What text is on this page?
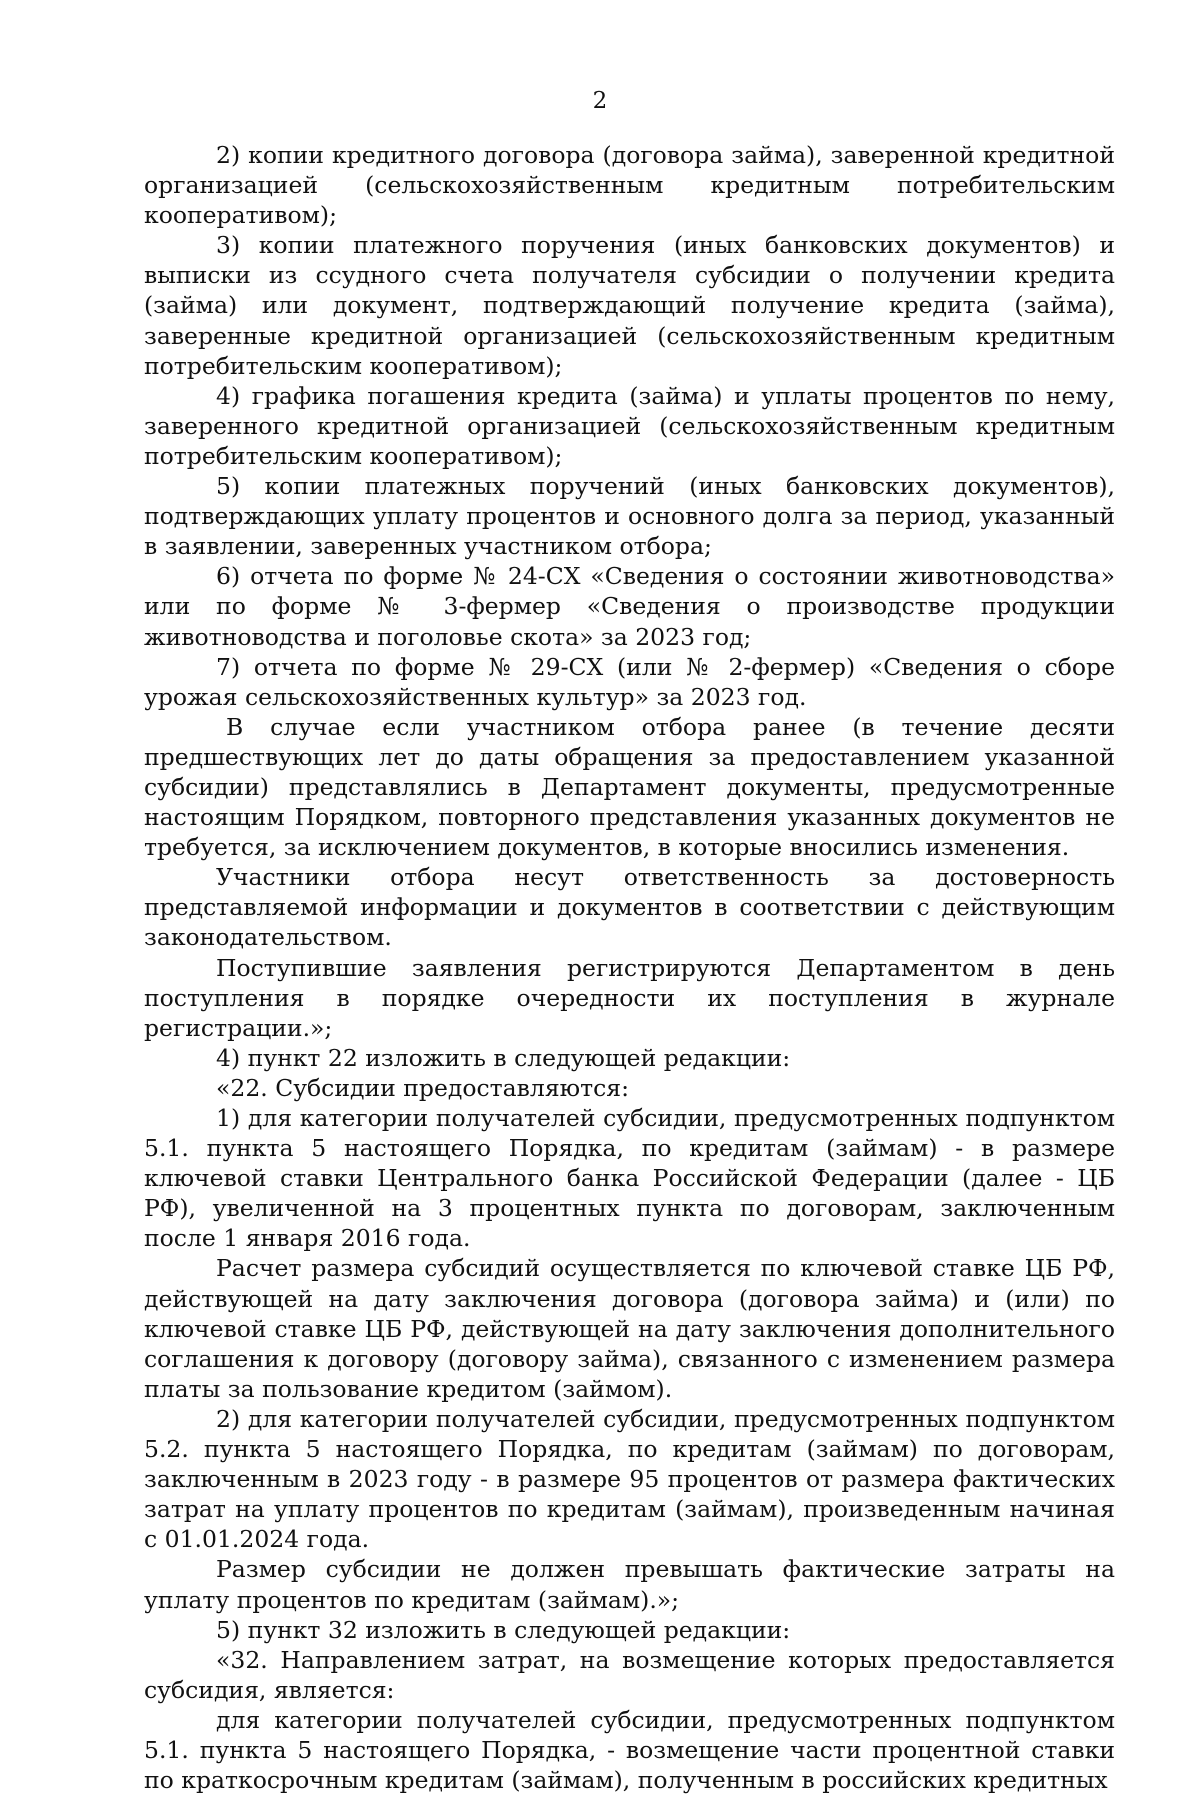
2

2) копии кредитного договора (договора займа), заверенной кредитной организацией (сельскохозяйственным кредитным потребительским кооперативом);

3) копии платежного поручения (иных банковских документов) и выписки из ссудного счета получателя субсидии о получении кредита (займа) или документ, подтверждающий получение кредита (займа), заверенные кредитной организацией (сельскохозяйственным кредитным потребительским кооперативом);

4) графика погашения кредита (займа) и уплаты процентов по нему, заверенного кредитной организацией (сельскохозяйственным кредитным потребительским кооперативом);

5) копии платежных поручений (иных банковских документов), подтверждающих уплату процентов и основного долга за период, указанный в заявлении, заверенных участником отбора;

6) отчета по форме № 24-СХ «Сведения о состоянии животноводства» или по форме № 3-фермер «Сведения о производстве продукции животноводства и поголовье скота» за 2023 год;

7) отчета по форме № 29-СХ (или № 2-фермер) «Сведения о сборе урожая сельскохозяйственных культур» за 2023 год.

В случае если участником отбора ранее (в течение десяти предшествующих лет до даты обращения за предоставлением указанной субсидии) представлялись в Департамент документы, предусмотренные настоящим Порядком, повторного представления указанных документов не требуется, за исключением документов, в которые вносились изменения.

Участники отбора несут ответственность за достоверность представляемой информации и документов в соответствии с действующим законодательством.

Поступившие заявления регистрируются Департаментом в день поступления в порядке очередности их поступления в журнале регистрации.»;

4) пункт 22 изложить в следующей редакции:

«22. Субсидии предоставляются:

1) для категории получателей субсидии, предусмотренных подпунктом 5.1. пункта 5 настоящего Порядка, по кредитам (займам) - в размере ключевой ставки Центрального банка Российской Федерации (далее - ЦБ РФ), увеличенной на 3 процентных пункта по договорам, заключенным после 1 января 2016 года.

Расчет размера субсидий осуществляется по ключевой ставке ЦБ РФ, действующей на дату заключения договора (договора займа) и (или) по ключевой ставке ЦБ РФ, действующей на дату заключения дополнительного соглашения к договору (договору займа), связанного с изменением размера платы за пользование кредитом (займом).

2) для категории получателей субсидии, предусмотренных подпунктом 5.2. пункта 5 настоящего Порядка, по кредитам (займам) по договорам, заключенным в 2023 году - в размере 95 процентов от размера фактических затрат на уплату процентов по кредитам (займам), произведенным начиная с 01.01.2024 года.

Размер субсидии не должен превышать фактические затраты на уплату процентов по кредитам (займам).»;

5) пункт 32 изложить в следующей редакции:

«32. Направлением затрат, на возмещение которых предоставляется субсидия, является:

для категории получателей субсидии, предусмотренных подпунктом 5.1. пункта 5 настоящего Порядка, - возмещение части процентной ставки по краткосрочным кредитам (займам), полученным в российских кредитных
